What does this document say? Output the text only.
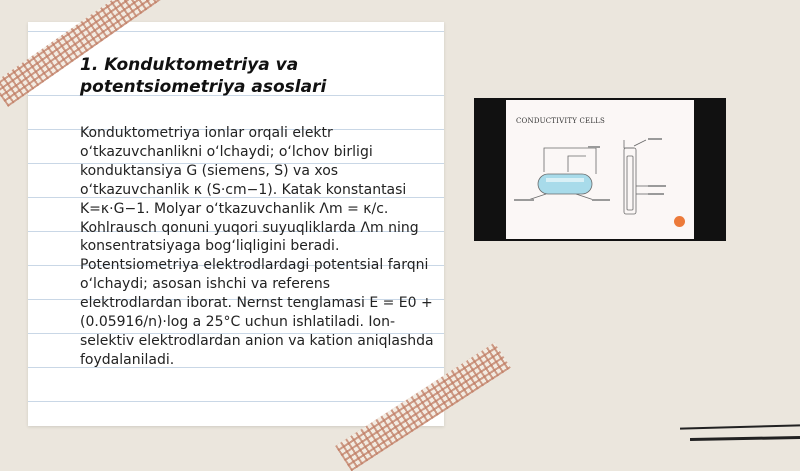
1. Konduktometriya va potentsiometriya asoslari

Konduktometriya ionlar orqali elektr o‘tkazuvchanlikni o‘lchaydi; o‘lchov birligi konduktansiya G (siemens, S) va xos o‘tkazuvchanlik κ (S·cm−1). Katak konstantasi K=κ·G−1. Molyar o‘tkazuvchanlik Λm = κ/c. Kohlrausch qonuni yuqori suyuqliklarda Λm ning konsentratsiyaga bog‘liqligini beradi. Potentsiometriya elektrodlardagi potentsial farqni o‘lchaydi; asosan ishchi va referens elektrodlardan iborat. Nernst tenglamasi E = E0 + (0.05916/n)·log a 25°C uchun ishlatiladi. Ion-selektiv elektrodlardan anion va kation aniqlashda foydalaniladi.

CONDUCTIVITY CELLS
